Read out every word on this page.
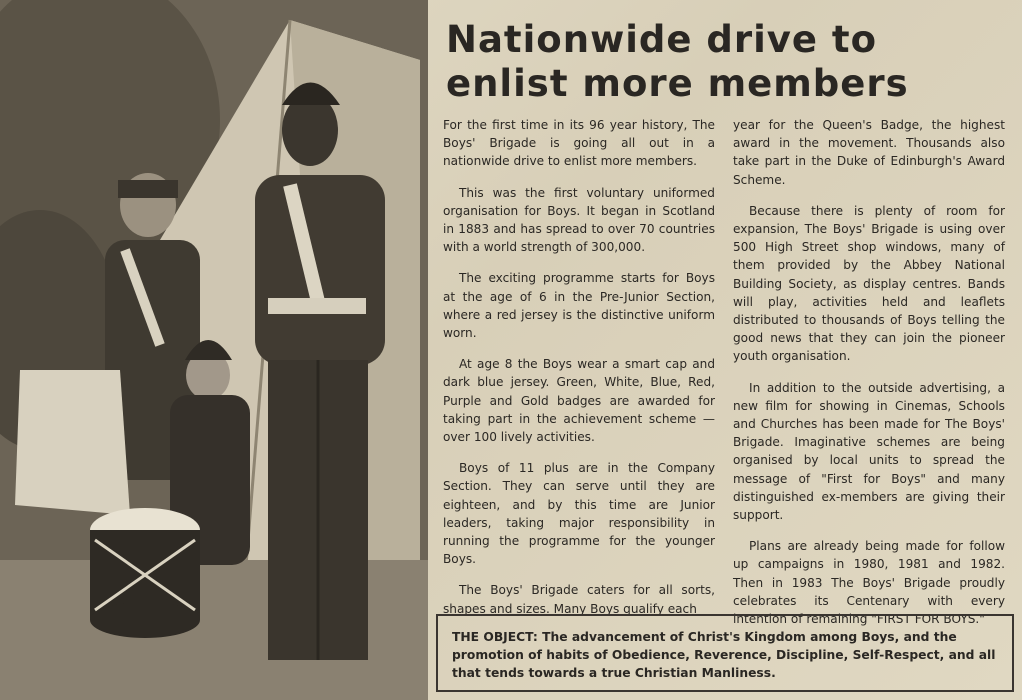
Nationwide drive to enlist more members

For the first time in its 96 year history, The Boys' Brigade is going all out in a nationwide drive to enlist more members.

This was the first voluntary uniformed organisation for Boys. It began in Scotland in 1883 and has spread to over 70 countries with a world strength of 300,000.

The exciting programme starts for Boys at the age of 6 in the Pre-Junior Section, where a red jersey is the distinctive uniform worn.

At age 8 the Boys wear a smart cap and dark blue jersey. Green, White, Blue, Red, Purple and Gold badges are awarded for taking part in the achievement scheme — over 100 lively activities.

Boys of 11 plus are in the Company Section. They can serve until they are eighteen, and by this time are Junior leaders, taking major responsibility in running the programme for the younger Boys.

The Boys' Brigade caters for all sorts, shapes and sizes. Many Boys qualify each

year for the Queen's Badge, the highest award in the movement. Thousands also take part in the Duke of Edinburgh's Award Scheme.

Because there is plenty of room for expansion, The Boys' Brigade is using over 500 High Street shop windows, many of them provided by the Abbey National Building Society, as display centres. Bands will play, activities held and leaflets distributed to thousands of Boys telling the good news that they can join the pioneer youth organisation.

In addition to the outside advertising, a new film for showing in Cinemas, Schools and Churches has been made for The Boys' Brigade. Imaginative schemes are being organised by local units to spread the message of "First for Boys" and many distinguished ex-members are giving their support.

Plans are already being made for follow up campaigns in 1980, 1981 and 1982. Then in 1983 The Boys' Brigade proudly celebrates its Centenary with every intention of remaining "FIRST FOR BOYS."

THE OBJECT: The advancement of Christ's Kingdom among Boys, and the promotion of habits of Obedience, Reverence, Discipline, Self-Respect, and all that tends towards a true Christian Manliness.
